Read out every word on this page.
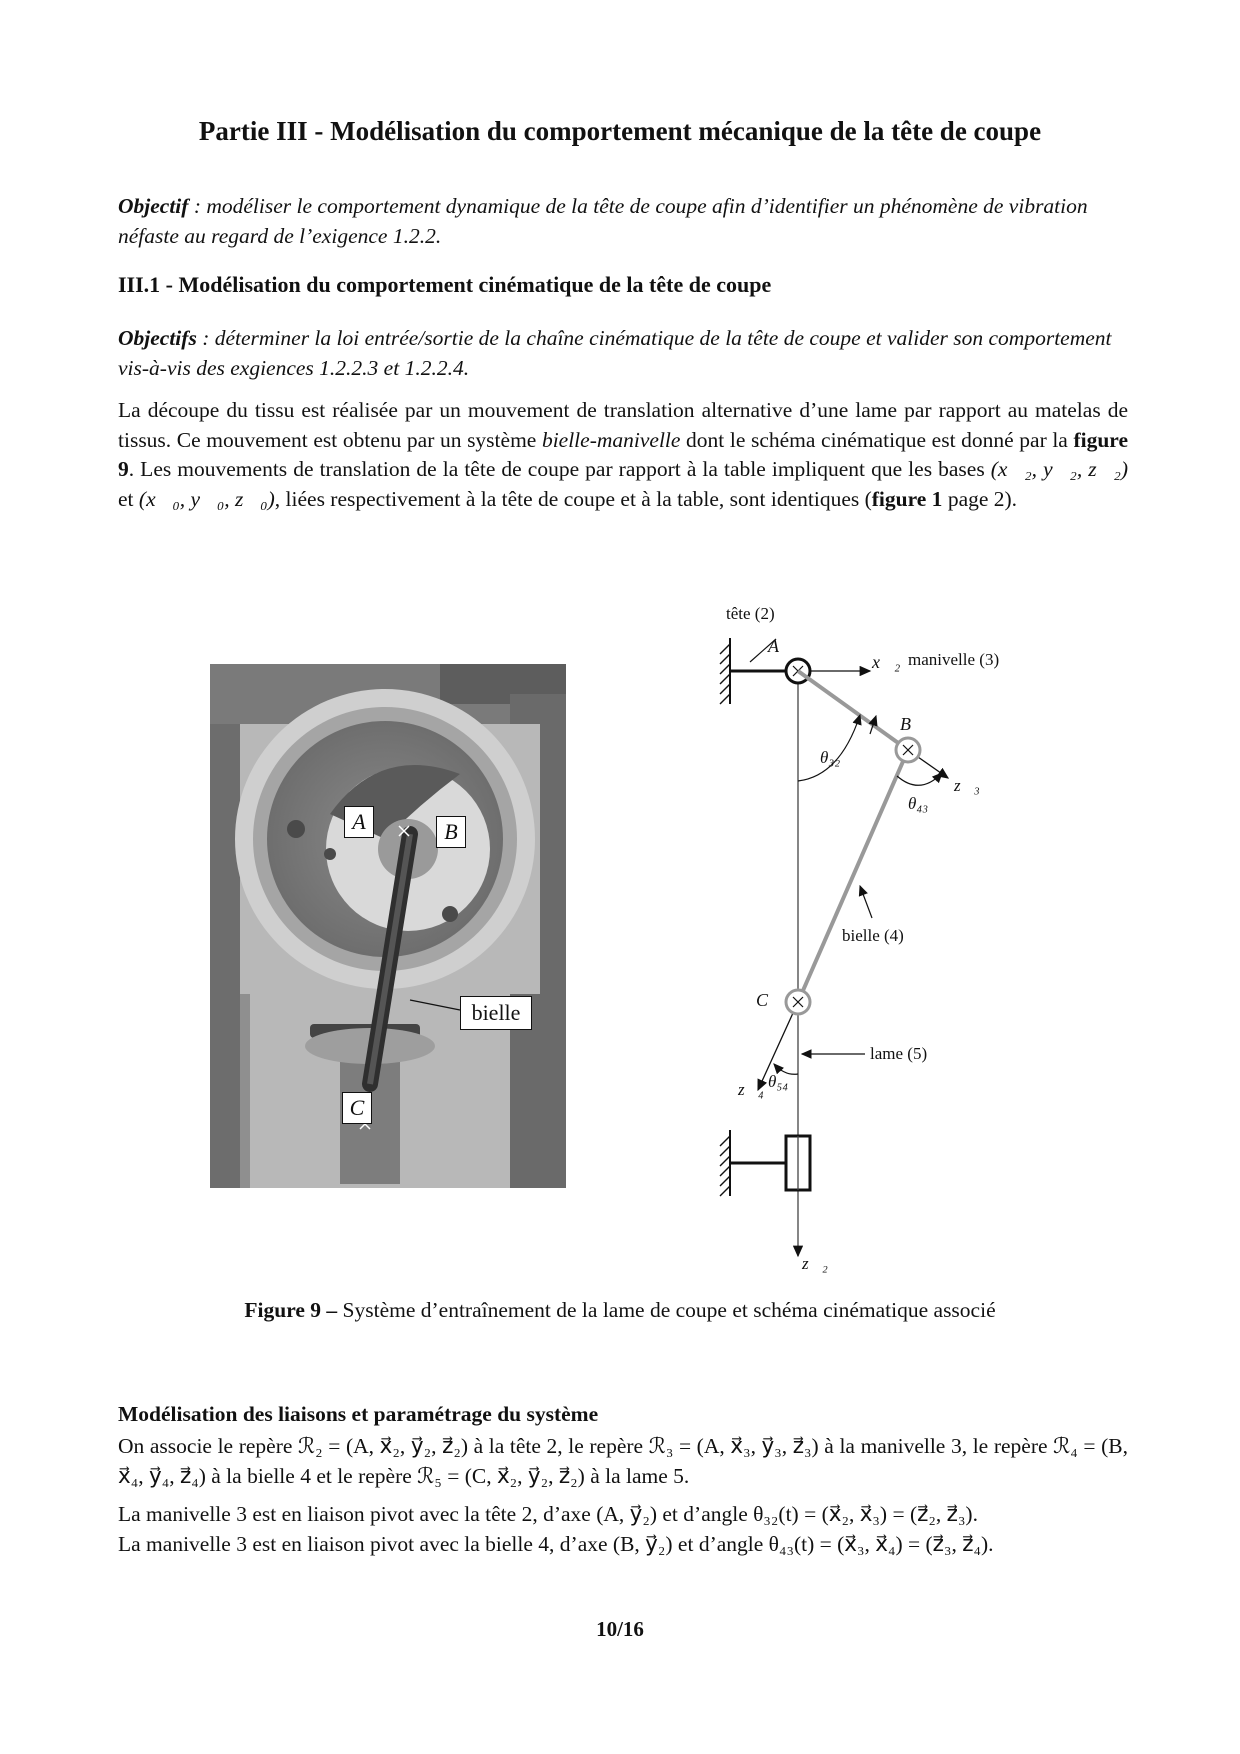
Partie III - Modélisation du comportement mécanique de la tête de coupe
Objectif : modéliser le comportement dynamique de la tête de coupe afin d’identifier un phénomène de vibration néfaste au regard de l’exigence 1.2.2.
III.1 - Modélisation du comportement cinématique de la tête de coupe
Objectifs : déterminer la loi entrée/sortie de la chaîne cinématique de la tête de coupe et valider son comportement vis-à-vis des exgiences 1.2.2.3 et 1.2.2.4.
La découpe du tissu est réalisée par un mouvement de translation alternative d’une lame par rapport au matelas de tissus. Ce mouvement est obtenu par un système bielle-manivelle dont le schéma cinématique est donné par la figure 9. Les mouvements de translation de la tête de coupe par rapport à la table impliquent que les bases (x⃗₂, y⃗₂, z⃗₂) et (x⃗₀, y⃗₀, z⃗₀), liées respectivement à la tête de coupe et à la table, sont identiques (figure 1 page 2).
A	B
bielle
C
tête (2)
A
x⃗₂ manivelle (3)
B
θ₃₂
z⃗₃
θ₄₃
bielle (4)
C
lame (5)
z⃗₄ θ₅₄
z⃗₂
Figure 9 – Système d’entraînement de la lame de coupe et schéma cinématique associé
Modélisation des liaisons et paramétrage du système
On associe le repère ℛ₂ = (A, x⃗₂, y⃗₂, z⃗₂) à la tête 2, le repère ℛ₃ = (A, x⃗₃, y⃗₃, z⃗₃) à la manivelle 3, le repère ℛ₄ = (B, x⃗₄, y⃗₄, z⃗₄) à la bielle 4 et le repère ℛ₅ = (C, x⃗₂, y⃗₂, z⃗₂) à la lame 5.
La manivelle 3 est en liaison pivot avec la tête 2, d’axe (A, y⃗₂) et d’angle θ₃₂(t) = (x⃗₂, x⃗₃) = (z⃗₂, z⃗₃).
La manivelle 3 est en liaison pivot avec la bielle 4, d’axe (B, y⃗₂) et d’angle θ₄₃(t) = (x⃗₃, x⃗₄) = (z⃗₃, z⃗₄).
10/16
